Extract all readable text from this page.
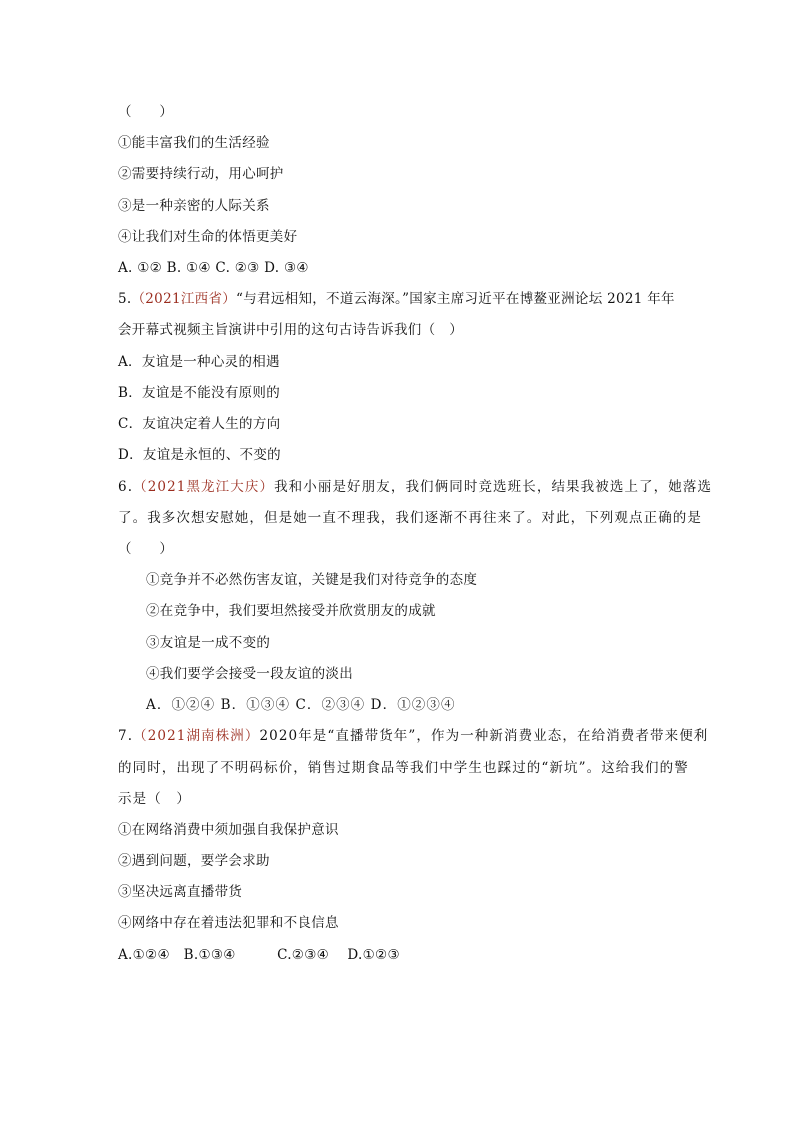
（　　）
①能丰富我们的生活经验
②需要持续行动，用心呵护
③是一种亲密的人际关系
④让我们对生命的体悟更美好
A. ①② B. ①④ C. ②③ D. ③④
5.（2021江西省）“与君远相知，不道云海深。”国家主席习近平在博鳌亚洲论坛 2021 年年
会开幕式视频主旨演讲中引用的这句古诗告诉我们（　）
A．友谊是一种心灵的相遇
B．友谊是不能没有原则的
C．友谊决定着人生的方向
D．友谊是永恒的、不变的
6.（2021黑龙江大庆）我和小丽是好朋友，我们俩同时竞选班长，结果我被选上了，她落选
了。我多次想安慰她，但是她一直不理我，我们逐渐不再往来了。对此，下列观点正确的是
（　　）
①竞争并不必然伤害友谊，关键是我们对待竞争的态度
②在竞争中，我们要坦然接受并欣赏朋友的成就
③友谊是一成不变的
④我们要学会接受一段友谊的淡出
A．①②④ B．①③④ C．②③④ D．①②③④
7.（2021湖南株洲）2020年是“直播带货年”，作为一种新消费业态，在给消费者带来便利
的同时，出现了不明码标价，销售过期食品等我们中学生也踩过的“新坑”。这给我们的警
示是（　）
①在网络消费中须加强自我保护意识
②遇到问题，要学会求助
③坚决远离直播带货
④网络中存在着违法犯罪和不良信息
A.①②④　B.①③④　　　C.②③④　 D.①②③
